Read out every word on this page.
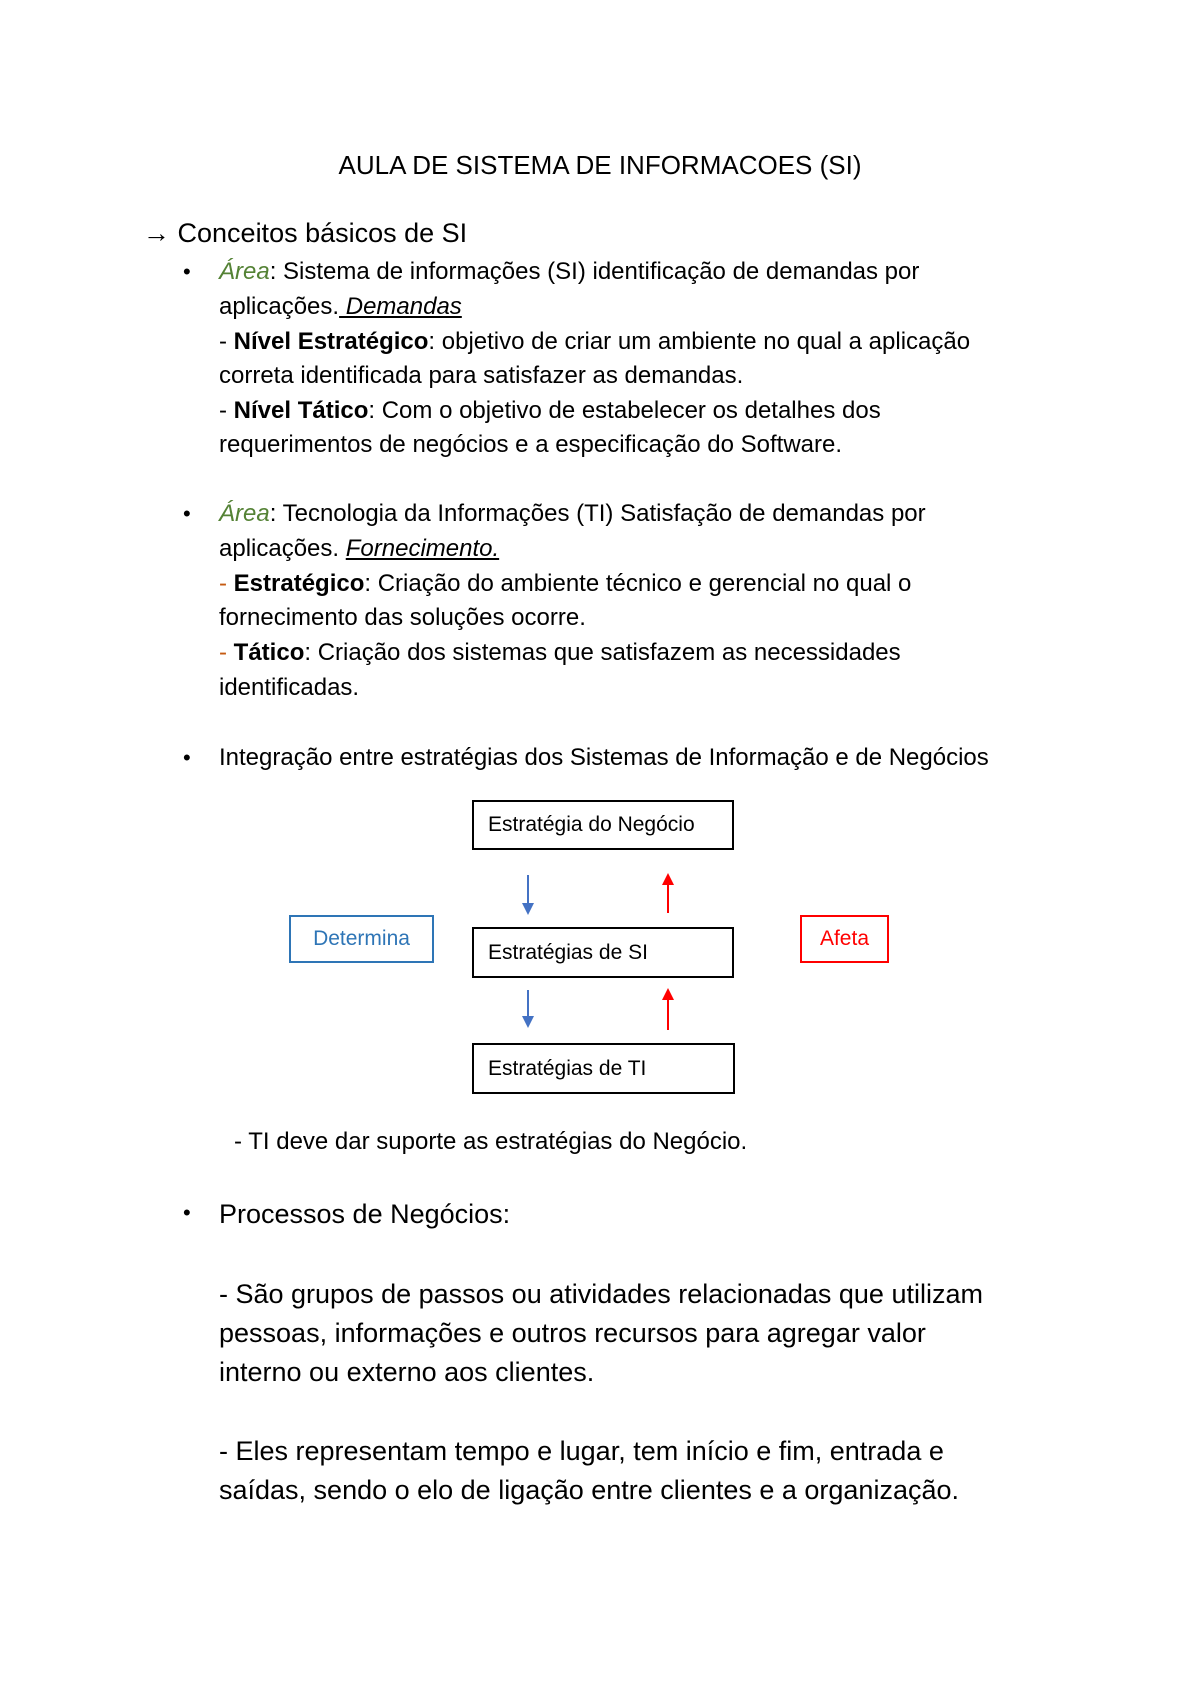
AULA DE SISTEMA DE INFORMACOES (SI)
→ Conceitos básicos de SI
• Área: Sistema de informações (SI) identificação de demandas por
aplicações. Demandas
- Nível Estratégico: objetivo de criar um ambiente no qual a aplicação
correta identificada para satisfazer as demandas.
- Nível Tático: Com o objetivo de estabelecer os detalhes dos
requerimentos de negócios e a especificação do Software.
• Área: Tecnologia da Informações (TI) Satisfação de demandas por
aplicações. Fornecimento.
- Estratégico: Criação do ambiente técnico e gerencial no qual o
fornecimento das soluções ocorre.
- Tático: Criação dos sistemas que satisfazem as necessidades
identificadas.
• Integração entre estratégias dos Sistemas de Informação e de Negócios
Estratégia do Negócio
Estratégias de SI
Estratégias de TI
Determina	Afeta
- TI deve dar suporte as estratégias do Negócio.
• Processos de Negócios:
- São grupos de passos ou atividades relacionadas que utilizam
pessoas, informações e outros recursos para agregar valor
interno ou externo aos clientes.
- Eles representam tempo e lugar, tem início e fim, entrada e
saídas, sendo o elo de ligação entre clientes e a organização.
